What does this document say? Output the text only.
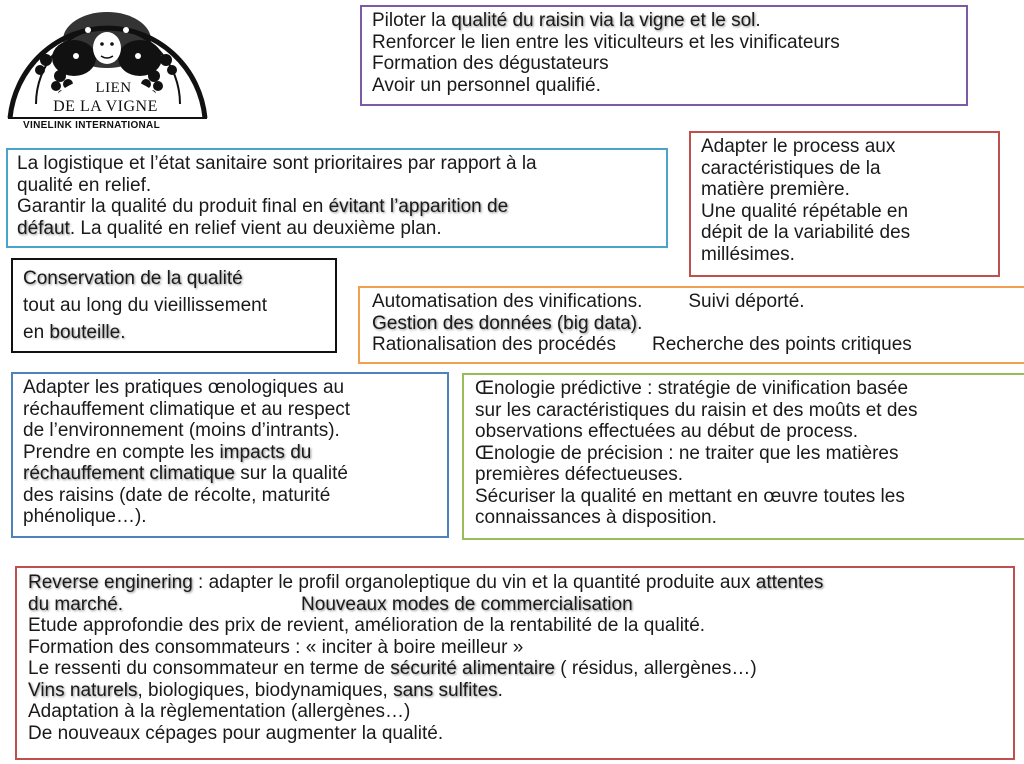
LIEN
DE LA VIGNE
VINELINK INTERNATIONAL
Piloter la qualité du raisin via la vigne et le sol.
Renforcer le lien entre les viticulteurs et les vinificateurs
Formation des dégustateurs
Avoir un personnel qualifié.
La logistique et l’état sanitaire sont prioritaires par rapport à la
qualité en relief.
Garantir la qualité du produit final en évitant l’apparition de
défaut. La qualité en relief vient au deuxième plan.
Adapter le process aux
caractéristiques de la
matière première.
Une qualité répétable en
dépit de la variabilité des
millésimes.
Conservation de la qualité
tout au long du vieillissement
en bouteille.
Automatisation des vinifications. Suivi déporté.
Gestion des données (big data).
Rationalisation des procédés Recherche des points critiques
Adapter les pratiques œnologiques au
réchauffement climatique et au respect
de l’environnement (moins d’intrants).
Prendre en compte les impacts du
réchauffement climatique sur la qualité
des raisins (date de récolte, maturité
phénolique…).
Œnologie prédictive : stratégie de vinification basée
sur les caractéristiques du raisin et des moûts et des
observations effectuées au début de process.
Œnologie de précision : ne traiter que les matières
premières défectueuses.
Sécuriser la qualité en mettant en œuvre toutes les
connaissances à disposition.
Reverse enginering : adapter le profil organoleptique du vin et la quantité produite aux attentes
du marché.	Nouveaux modes de commercialisation
Etude approfondie des prix de revient, amélioration de la rentabilité de la qualité.
Formation des consommateurs : « inciter à boire meilleur »
Le ressenti du consommateur en terme de sécurité alimentaire ( résidus, allergènes…)
Vins naturels, biologiques, biodynamiques, sans sulfites.
Adaptation à la règlementation (allergènes…)
De nouveaux cépages pour augmenter la qualité.
